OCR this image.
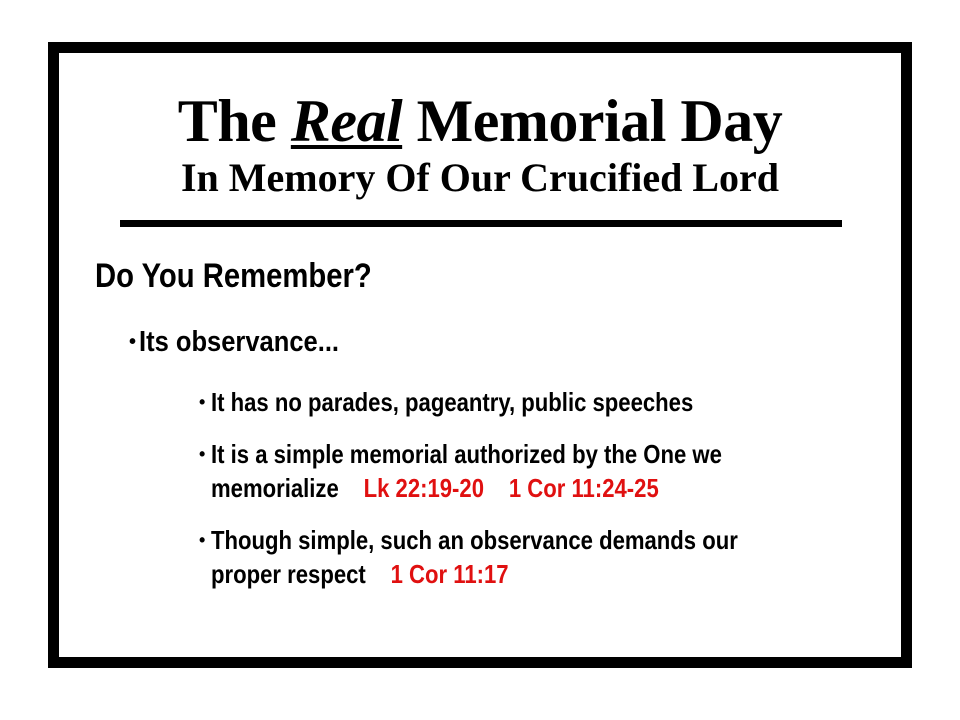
The Real Memorial Day
In Memory Of Our Crucified Lord
Do You Remember?
• Its observance...
• It has no parades, pageantry, public speeches
• It is a simple memorial authorized by the One we
memorialize Lk 22:19-20 1 Cor 11:24-25
• Though simple, such an observance demands our
proper respect 1 Cor 11:17
